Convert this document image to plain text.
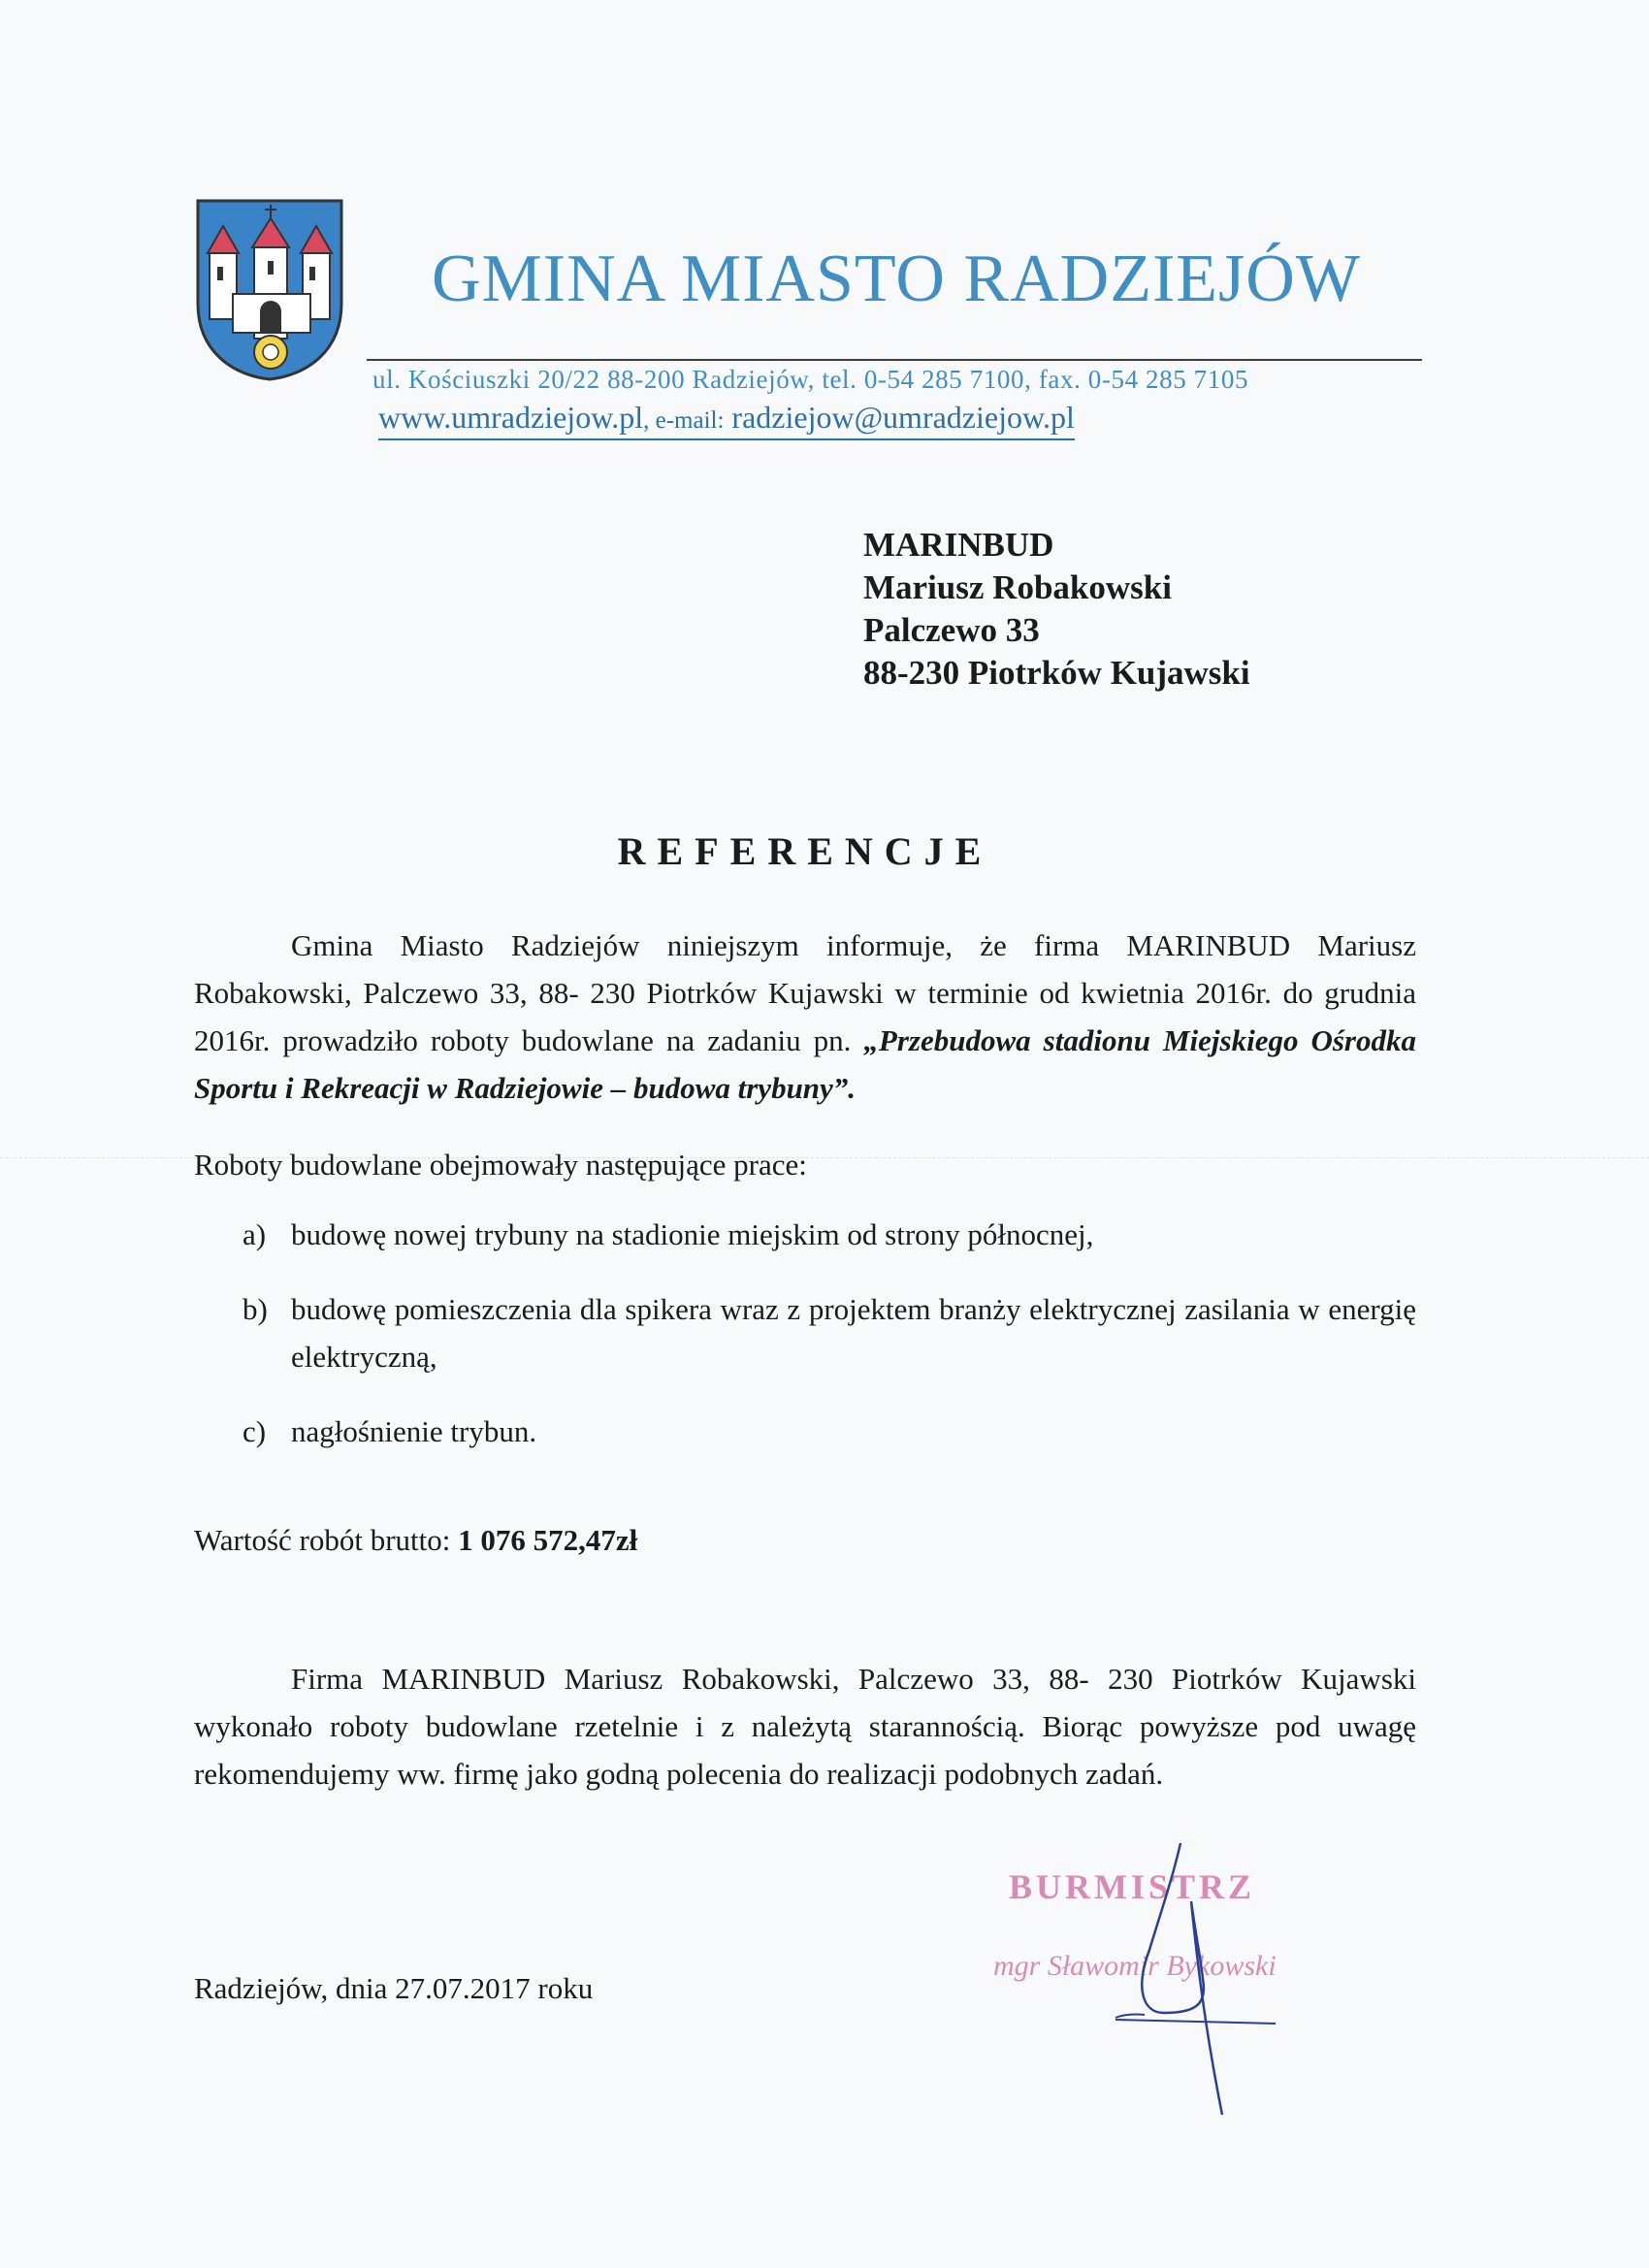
GMINA MIASTO RADZIEJÓW
ul. Kościuszki 20/22 88-200 Radziejów, tel. 0-54 285 7100, fax. 0-54 285 7105
www.umradziejow.pl, e-mail: radziejow@umradziejow.pl
MARINBUD
Mariusz Robakowski
Palczewo 33
88-230 Piotrków Kujawski
REFERENCJE
Gmina Miasto Radziejów niniejszym informuje, że firma MARINBUD Mariusz Robakowski, Palczewo 33, 88- 230 Piotrków Kujawski w terminie od kwietnia 2016r. do grudnia 2016r. prowadziło roboty budowlane na zadaniu pn. „Przebudowa stadionu Miejskiego Ośrodka Sportu i Rekreacji w Radziejowie – budowa trybuny”.
Roboty budowlane obejmowały następujące prace:
a) budowę nowej trybuny na stadionie miejskim od strony północnej,
b) budowę pomieszczenia dla spikera wraz z projektem branży elektrycznej zasilania w energię elektryczną,
c) nagłośnienie trybun.
Wartość robót brutto: 1 076 572,47zł
Firma MARINBUD Mariusz Robakowski, Palczewo 33, 88- 230 Piotrków Kujawski wykonało roboty budowlane rzetelnie i z należytą starannością. Biorąc powyższe pod uwagę rekomendujemy ww. firmę jako godną polecenia do realizacji podobnych zadań.
BURMISTRZ
mgr Sławomir Bykowski
Radziejów, dnia 27.07.2017 roku
